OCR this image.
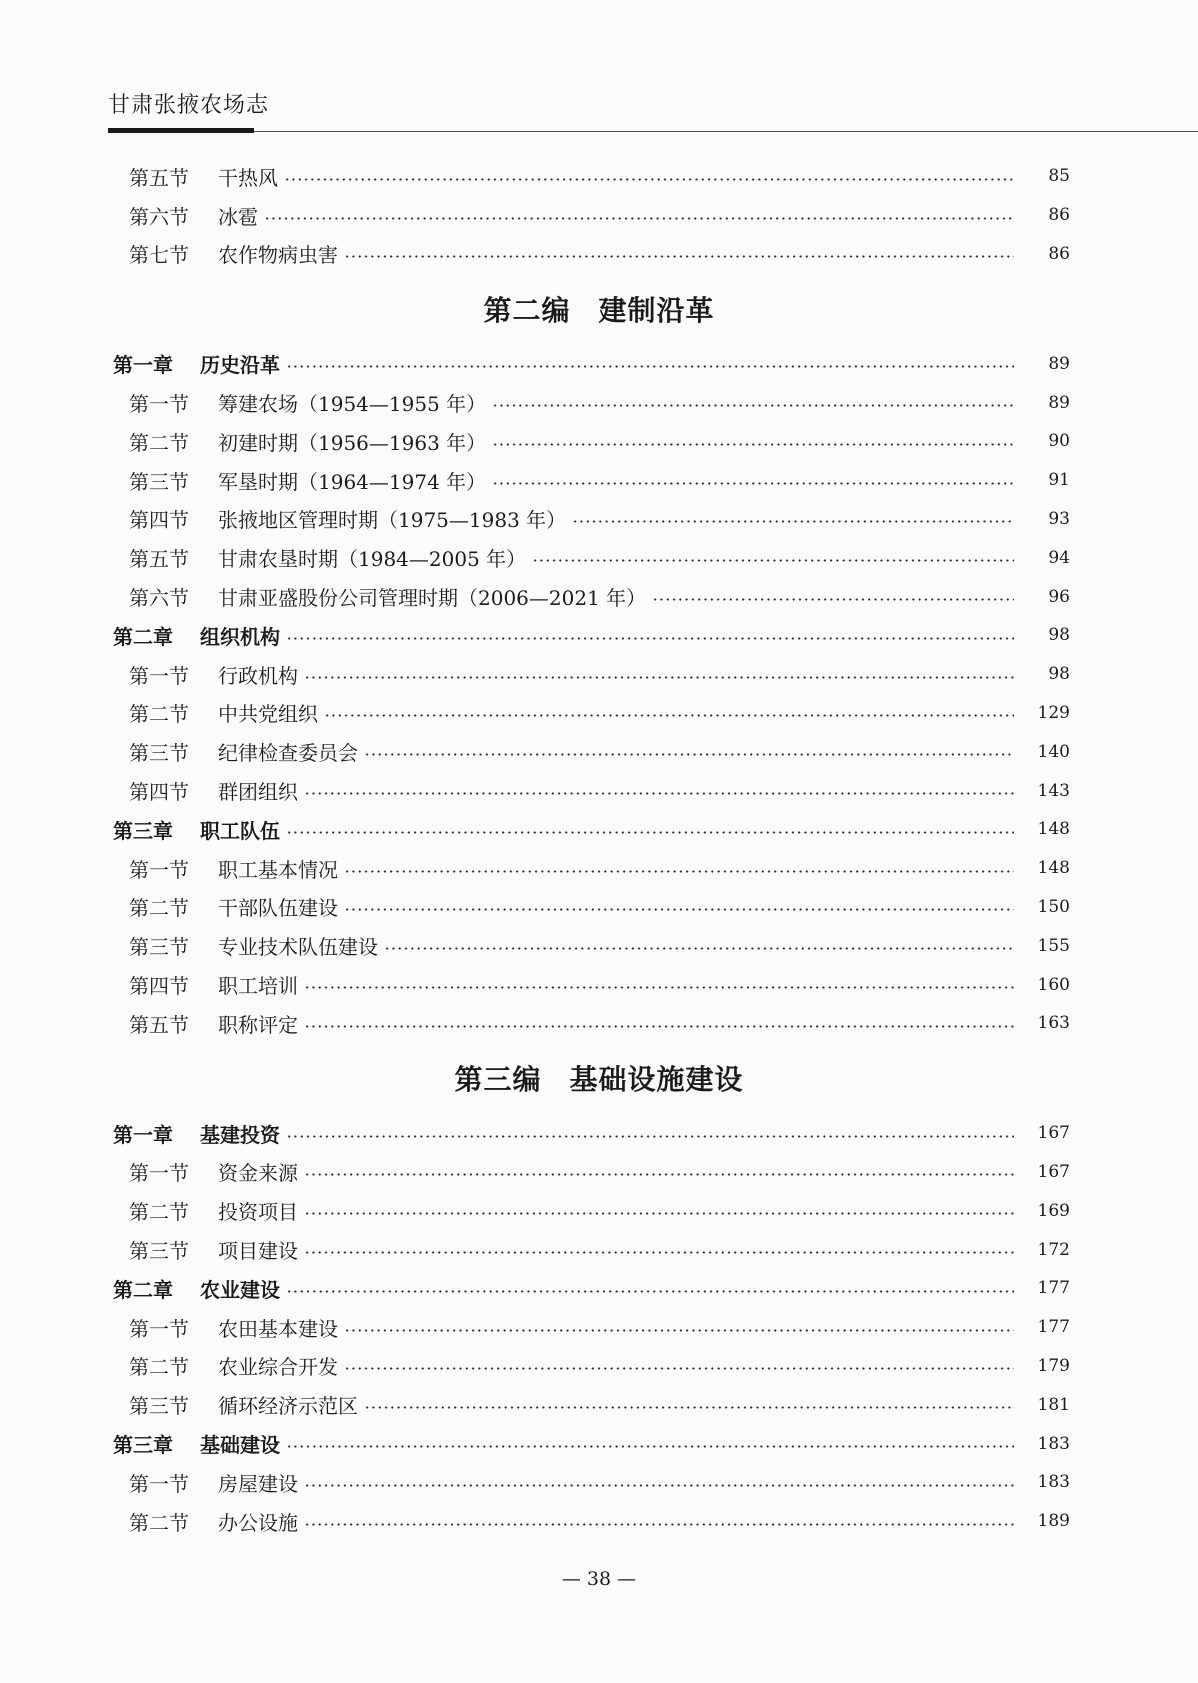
甘肃张掖农场志
第五节	干热风	85
第六节	冰雹	86
第七节	农作物病虫害	86
第二编 建制沿革
第一章	历史沿革	89
第一节	筹建农场（1954—1955 年）	89
第二节	初建时期（1956—1963 年）	90
第三节	军垦时期（1964—1974 年）	91
第四节	张掖地区管理时期（1975—1983 年）	93
第五节	甘肃农垦时期（1984—2005 年）	94
第六节	甘肃亚盛股份公司管理时期（2006—2021 年）	96
第二章	组织机构	98
第一节	行政机构	98
第二节	中共党组织	129
第三节	纪律检查委员会	140
第四节	群团组织	143
第三章	职工队伍	148
第一节	职工基本情况	148
第二节	干部队伍建设	150
第三节	专业技术队伍建设	155
第四节	职工培训	160
第五节	职称评定	163
第三编 基础设施建设
第一章	基建投资	167
第一节	资金来源	167
第二节	投资项目	169
第三节	项目建设	172
第二章	农业建设	177
第一节	农田基本建设	177
第二节	农业综合开发	179
第三节	循环经济示范区	181
第三章	基础建设	183
第一节	房屋建设	183
第二节	办公设施	189
— 38 —
